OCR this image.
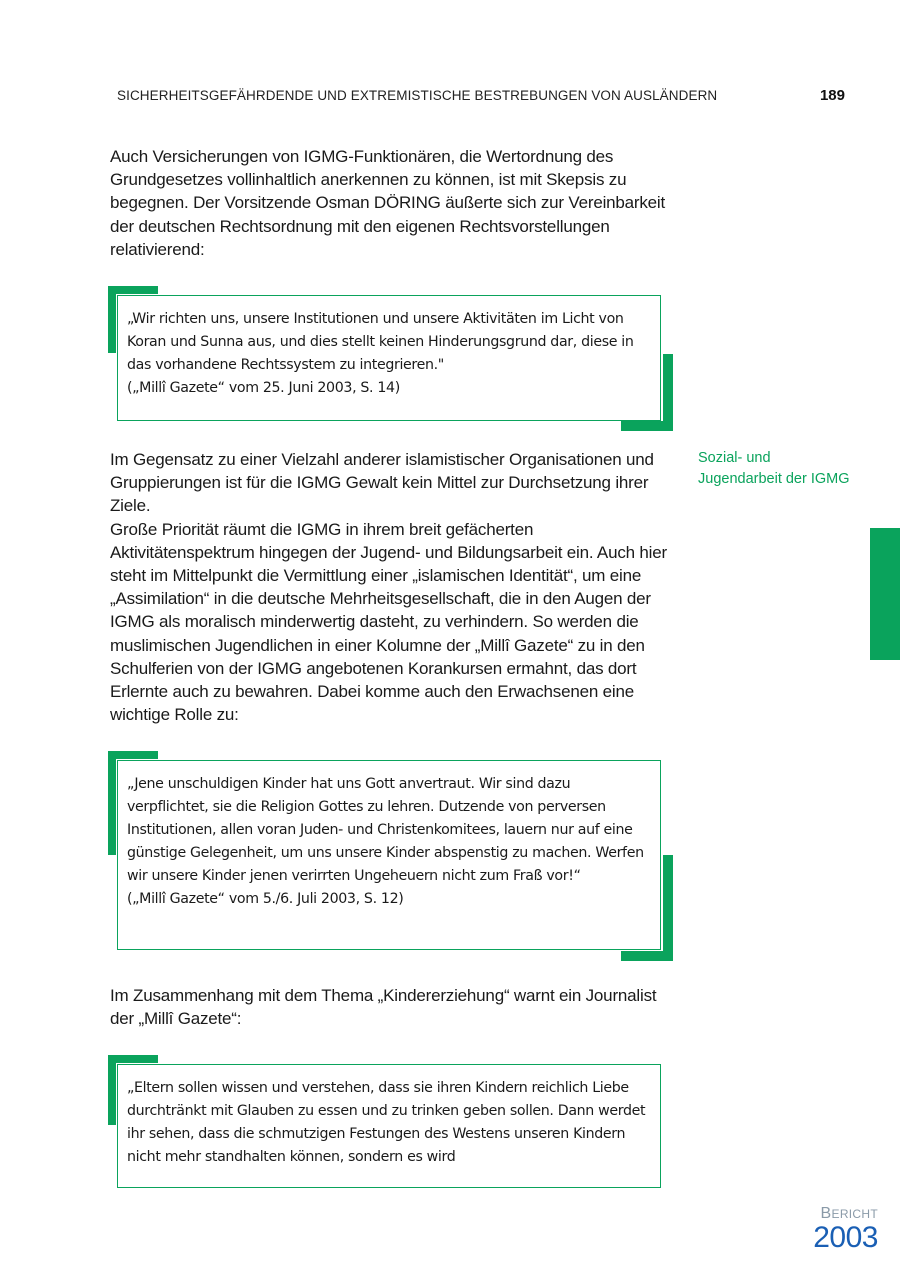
SICHERHEITSGEFÄHRDENDE UND EXTREMISTISCHE BESTREBUNGEN VON AUSLÄNDERN	189

Auch Versicherungen von IGMG-Funktionären, die Wertordnung des Grundgesetzes vollinhaltlich anerkennen zu können, ist mit Skepsis zu begegnen. Der Vorsitzende Osman DÖRING äußerte sich zur Vereinbarkeit der deutschen Rechtsordnung mit den eigenen Rechtsvorstellungen relativierend:

„Wir richten uns, unsere Institutionen und unsere Aktivitäten im Licht von Koran und Sunna aus, und dies stellt keinen Hinderungsgrund dar, diese in das vorhandene Rechtssystem zu integrieren."
(„Millî Gazete“ vom 25. Juni 2003, S. 14)

Im Gegensatz zu einer Vielzahl anderer islamistischer Organisationen und Gruppierungen ist für die IGMG Gewalt kein Mittel zur Durchsetzung ihrer Ziele.

Große Priorität räumt die IGMG in ihrem breit gefächerten Aktivitätenspektrum hingegen der Jugend- und Bildungsarbeit ein. Auch hier steht im Mittelpunkt die Vermittlung einer „islamischen Identität“, um eine „Assimilation“ in die deutsche Mehrheitsgesellschaft, die in den Augen der IGMG als moralisch minderwertig dasteht, zu verhindern. So werden die muslimischen Jugendlichen in einer Kolumne der „Millî Gazete“ zu in den Schulferien von der IGMG angebotenen Korankursen ermahnt, das dort Erlernte auch zu bewahren. Dabei komme auch den Erwachsenen eine wichtige Rolle zu:

Sozial- und Jugendarbeit der IGMG
„Jene unschuldigen Kinder hat uns Gott anvertraut. Wir sind dazu verpflichtet, sie die Religion Gottes zu lehren. Dutzende von perversen Institutionen, allen voran Juden- und Christenkomitees, lauern nur auf eine günstige Gelegenheit, um uns unsere Kinder abspenstig zu machen. Werfen wir unsere Kinder jenen verirrten Ungeheuern nicht zum Fraß vor!“
(„Millî Gazete“ vom 5./6. Juli 2003, S. 12)

Im Zusammenhang mit dem Thema „Kindererziehung“ warnt ein Journalist der „Millî Gazete“:

„Eltern sollen wissen und verstehen, dass sie ihren Kindern reichlich Liebe durchtränkt mit Glauben zu essen und zu trinken geben sollen. Dann werdet ihr sehen, dass die schmutzigen Festungen des Westens unseren Kindern nicht mehr standhalten können, sondern es wird
BERICHT
2003
